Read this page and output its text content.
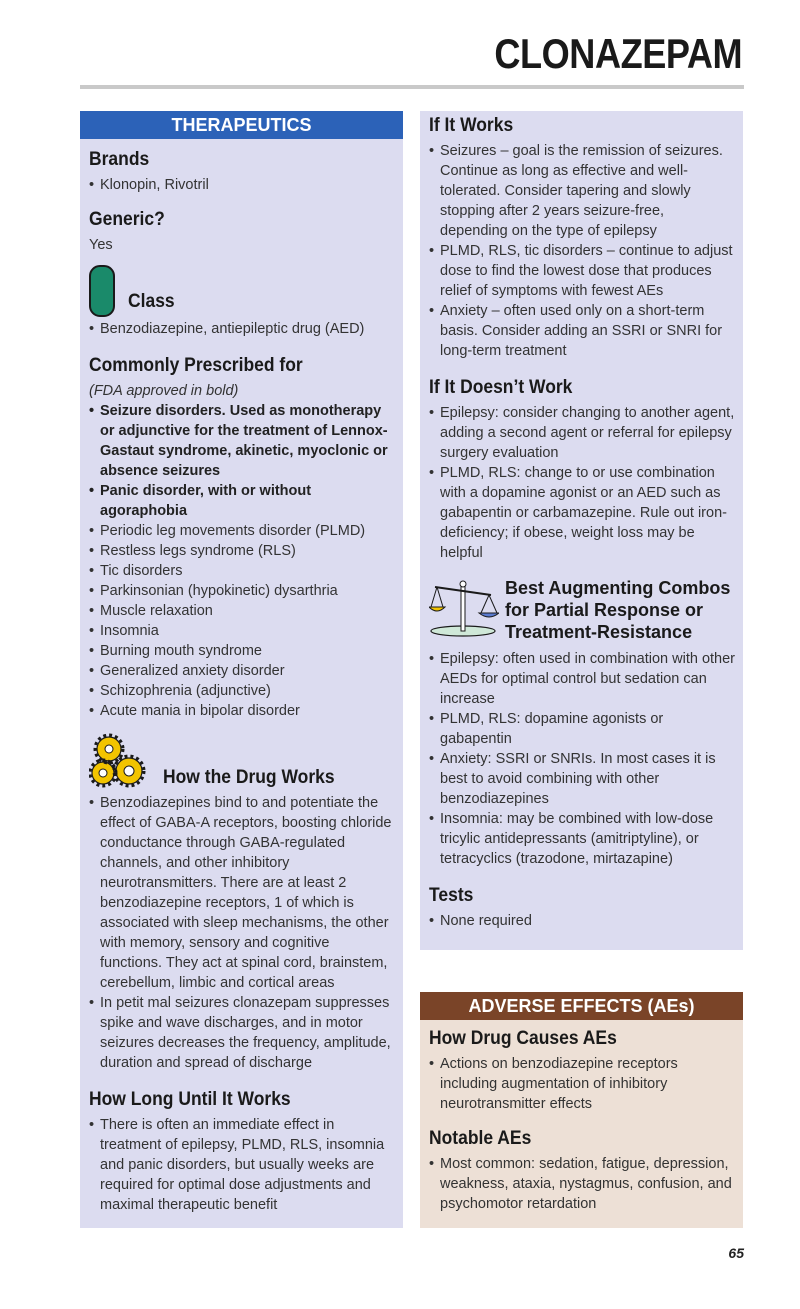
CLONAZEPAM
THERAPEUTICS
Brands
• Klonopin, Rivotril
Generic?

Yes

Class
• Benzodiazepine, antiepileptic drug (AED)
Commonly Prescribed for

(FDA approved in bold)

• Seizure disorders. Used as monotherapy or adjunctive for the treatment of Lennox-Gastaut syndrome, akinetic, myoclonic or absence seizures
• Panic disorder, with or without agoraphobia
• Periodic leg movements disorder (PLMD)
• Restless legs syndrome (RLS)
• Tic disorders
• Parkinsonian (hypokinetic) dysarthria
• Muscle relaxation
• Insomnia
• Burning mouth syndrome
• Generalized anxiety disorder
• Schizophrenia (adjunctive)
• Acute mania in bipolar disorder
How the Drug Works
• Benzodiazepines bind to and potentiate the effect of GABA-A receptors, boosting chloride conductance through GABA-regulated channels, and other inhibitory neurotransmitters. There are at least 2 benzodiazepine receptors, 1 of which is associated with sleep mechanisms, the other with memory, sensory and cognitive functions. They act at spinal cord, brainstem, cerebellum, limbic and cortical areas
• In petit mal seizures clonazepam suppresses spike and wave discharges, and in motor seizures decreases the frequency, amplitude, duration and spread of discharge
How Long Until It Works
• There is often an immediate effect in treatment of epilepsy, PLMD, RLS, insomnia and panic disorders, but usually weeks are required for optimal dose adjustments and maximal therapeutic benefit
If It Works
• Seizures – goal is the remission of seizures. Continue as long as effective and well-tolerated. Consider tapering and slowly stopping after 2 years seizure-free, depending on the type of epilepsy
• PLMD, RLS, tic disorders – continue to adjust dose to find the lowest dose that produces relief of symptoms with fewest AEs
• Anxiety – often used only on a short-term basis. Consider adding an SSRI or SNRI for long-term treatment
If It Doesn’t Work
• Epilepsy: consider changing to another agent, adding a second agent or referral for epilepsy surgery evaluation
• PLMD, RLS: change to or use combination with a dopamine agonist or an AED such as gabapentin or carbamazepine. Rule out iron-deficiency; if obese, weight loss may be helpful
Best Augmenting Combos for Partial Response or Treatment-Resistance
• Epilepsy: often used in combination with other AEDs for optimal control but sedation can increase
• PLMD, RLS: dopamine agonists or gabapentin
• Anxiety: SSRI or SNRIs. In most cases it is best to avoid combining with other benzodiazepines
• Insomnia: may be combined with low-dose tricylic antidepressants (amitriptyline), or tetracyclics (trazodone, mirtazapine)
Tests
• None required
ADVERSE EFFECTS (AEs)
How Drug Causes AEs
• Actions on benzodiazepine receptors including augmentation of inhibitory neurotransmitter effects
Notable AEs
• Most common: sedation, fatigue, depression, weakness, ataxia, nystagmus, confusion, and psychomotor retardation
65
